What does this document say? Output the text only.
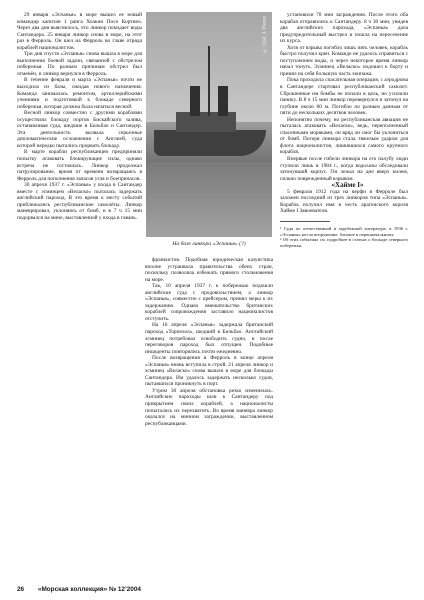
29 января «Эспанья» в море вышел ее новый командир капитан 1 ранга Хоакин Посе Кортнео. Через два дня выяснилось, что линкор покидает воды Сантандера. 25 января линкор снова в море, на этот раз в Ферроль. Он шел на Ферроль во главе отряда кораблей националистов.

Три дня спустя «Эспанья» снова вышла в море для выполнения боевой задачи, связанной с обстрелом побережья. По разным причинам обстрел был отменён, и линкор вернулся в Ферроль.

В течение февраля и марта «Эспанья» почти не выходила из базы, ожидая нового назначения. Команда занималась ремонтом, артиллерийскими учениями и подготовкой к блокаде северного побережья, которая должна была начаться весной.

Весной линкор совместно с другими кораблями осуществлял блокаду портов Бискайского залива, останавливая суда, шедшие в Бильбао и Сантандер. Эта деятельность вызвала серьезные дипломатические осложнения с Англией, суда которой нередко пытались прорвать блокаду.

В марте корабли республиканцев предприняли попытку атаковать блокирующие силы, однако встреча не состоялась. Линкор продолжал патрулирование, время от времени возвращаясь в Ферроль для пополнения запасов угля и боеприпасов.

30 апреля 1937 г. «Эспанья» у входа в Сантандер вместе с эсминцем «Веласко» пыталась задержать английский пароход. В это время к месту событий приближались республиканские самолёты. Линкор маневрировал, уклоняясь от бомб, и в 7 ч 15 мин подорвался на мине, выставленной у входа в гавань.

© Coll. J. Perez
На базе линкора «Эспанья» (?)

франкистов. Подобная юридическая казуистика вполне устраивала правительства обеих стран, поскольку позволяла избежать прямого столкновения на море.

Так, 10 апреля 1937 г. к побережью подошли английские суда с продовольствием, а линкор «Эспанья», совместно с крейсером, принял меры к их задержанию. Однако вмешательство британских кораблей сопровождения заставило националистов отступить.

На 16 апреля «Эспанья» задержала британский пароход «Торпехол», шедший в Бильбао. Английский эсминец потребовал освободить судно, и после переговоров пароход был отпущен. Подобные инциденты повторялись почти ежедневно.

После возвращения в Ферроль в конце апреля «Эспанья» вновь вступила в строй. 21 апреля линкор и эсминец «Веласко» снова вышли в море для блокады Сантандера. Им удалось задержать несколько судов, пытавшихся проникнуть в порт.

Утром 30 апреля обстановка резко изменилась. Английские пароходы шли к Сантандеру под прикрытием своих кораблей, а националисты попытались их перехватить. Во время маневра линкор оказался на минном заграждении, выставленном республиканцами.

установили 70 мин заграждения. После этого оба корабля отправились к Сантандеру. 8 ч 30 мин, увидев два английских парохода, «Эспанья» дала предупредительный выстрел и пошла на пересечение их курса.

Хотя от взрыва погибло лишь пять человек, корабль быстро получил крен. Команде не удалось справиться с поступлением воды, и через некоторое время линкор начал тонуть. Эсминец «Веласко» подошел к борту и принял на себя большую часть экипажа.

Пока проходила спасательная операция, с аэродрома в Сантандере стартовал республиканский самолет. Сброшенные им бомбы не попали в цель, но усилили панику. В 8 ч 15 мин линкор перевернулся и затонул на глубине около 60 м. Погибло по разным данным от пяти до нескольких десятков человек.

Непонятно почему, но республиканская авиация не пыталась атаковать «Веласко», ведь, переполненный спасенными моряками, он вряд ли смог бы уклониться от бомб. Потеря линкора стала тяжелым ударом для флота националистов, лишившихся самого крупного корабля.

Впервые после гибели линкора на его палубу люди ступили лишь в 1984 г., когда водолазы обследовали затонувший корпус. Он лежал на дне вверх килем, сильно поврежденный взрывом.

«Хайме I»

5 февраля 1912 года на верфи в Ферроле был заложен последний из трех линкоров типа «Эспанья». Корабль получил имя в честь арагонского короля Хайме I Завоевателя.

¹ Судя по отечественной и зарубежной литературе, в 1936 г. «Эспанья» несла вооружение, близкое к первоначальному.

² Об этих событиях см. подробнее в статьях о блокаде северного побережья.

26 «Морская коллекция» № 12’2004
